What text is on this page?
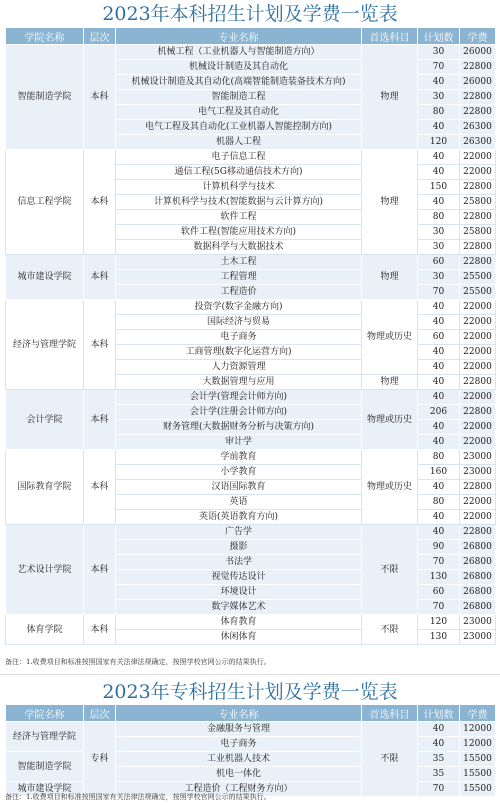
2023年本科招生计划及学费一览表
学院名称	层次	专业名称	首选科目	计划数	学费
智能制造学院	本科	机械工程（工业机器人与智能制造方向）	物理	30	26000
		机械设计制造及其自动化		70	22800
		机械设计制造及其自动化(高端智能制造装备技术方向)		40	26000
		智能制造工程		30	22800
		电气工程及其自动化		80	22800
		电气工程及其自动化(工业机器人智能控制方向)		40	26300
		机器人工程		120	26300
信息工程学院	本科	电子信息工程	物理	40	22000
		通信工程(5G移动通信技术方向)		40	22000
		计算机科学与技术		150	22800
		计算机科学与技术(智能数据与云计算方向)		40	25800
		软件工程		80	22800
		软件工程(智能应用技术方向)		30	25800
		数据科学与大数据技术		30	22800
城市建设学院	本科	土木工程	物理	60	22800
		工程管理		30	25500
		工程造价		70	25500
经济与管理学院	本科	投资学(数字金融方向)	物理或历史	40	22000
		国际经济与贸易		40	22000
		电子商务		60	22000
		工商管理(数字化运营方向)		40	22000
		人力资源管理		40	22000
		大数据管理与应用	物理	40	22800
会计学院	本科	会计学(管理会计师方向)	物理或历史	40	22000
		会计学(注册会计师方向)		206	22800
		财务管理(大数据财务分析与决策方向)		40	22000
		审计学		40	22000
国际教育学院	本科	学前教育	物理或历史	80	23000
		小学教育		160	23000
		汉语国际教育		40	22800
		英语		80	22000
		英语(英语教育方向)		40	22000
艺术设计学院	本科	广告学	不限	40	22800
		摄影		90	26800
		书法学		70	26800
		视觉传达设计		130	26800
		环境设计		60	26800
		数字媒体艺术		70	26800
体育学院	本科	体育教育	不限	120	23000
		休闲体育		130	23000
备注：1.收费项目和标准按照国家有关法律法规确定，按照学校官网公示的结果执行。
2023年专科招生计划及学费一览表
学院名称	层次	专业名称	首选科目	计划数	学费
经济与管理学院	专科	金融服务与管理	不限	40	12000
		电子商务		40	12000
智能制造学院		工业机器人技术		35	15500
		机电一体化		35	15500
城市建设学院		工程造价（工程财务方向）		70	15500
备注：1.收费项目和标准按照国家有关法律法规确定，按照学校官网公示的结果执行。
